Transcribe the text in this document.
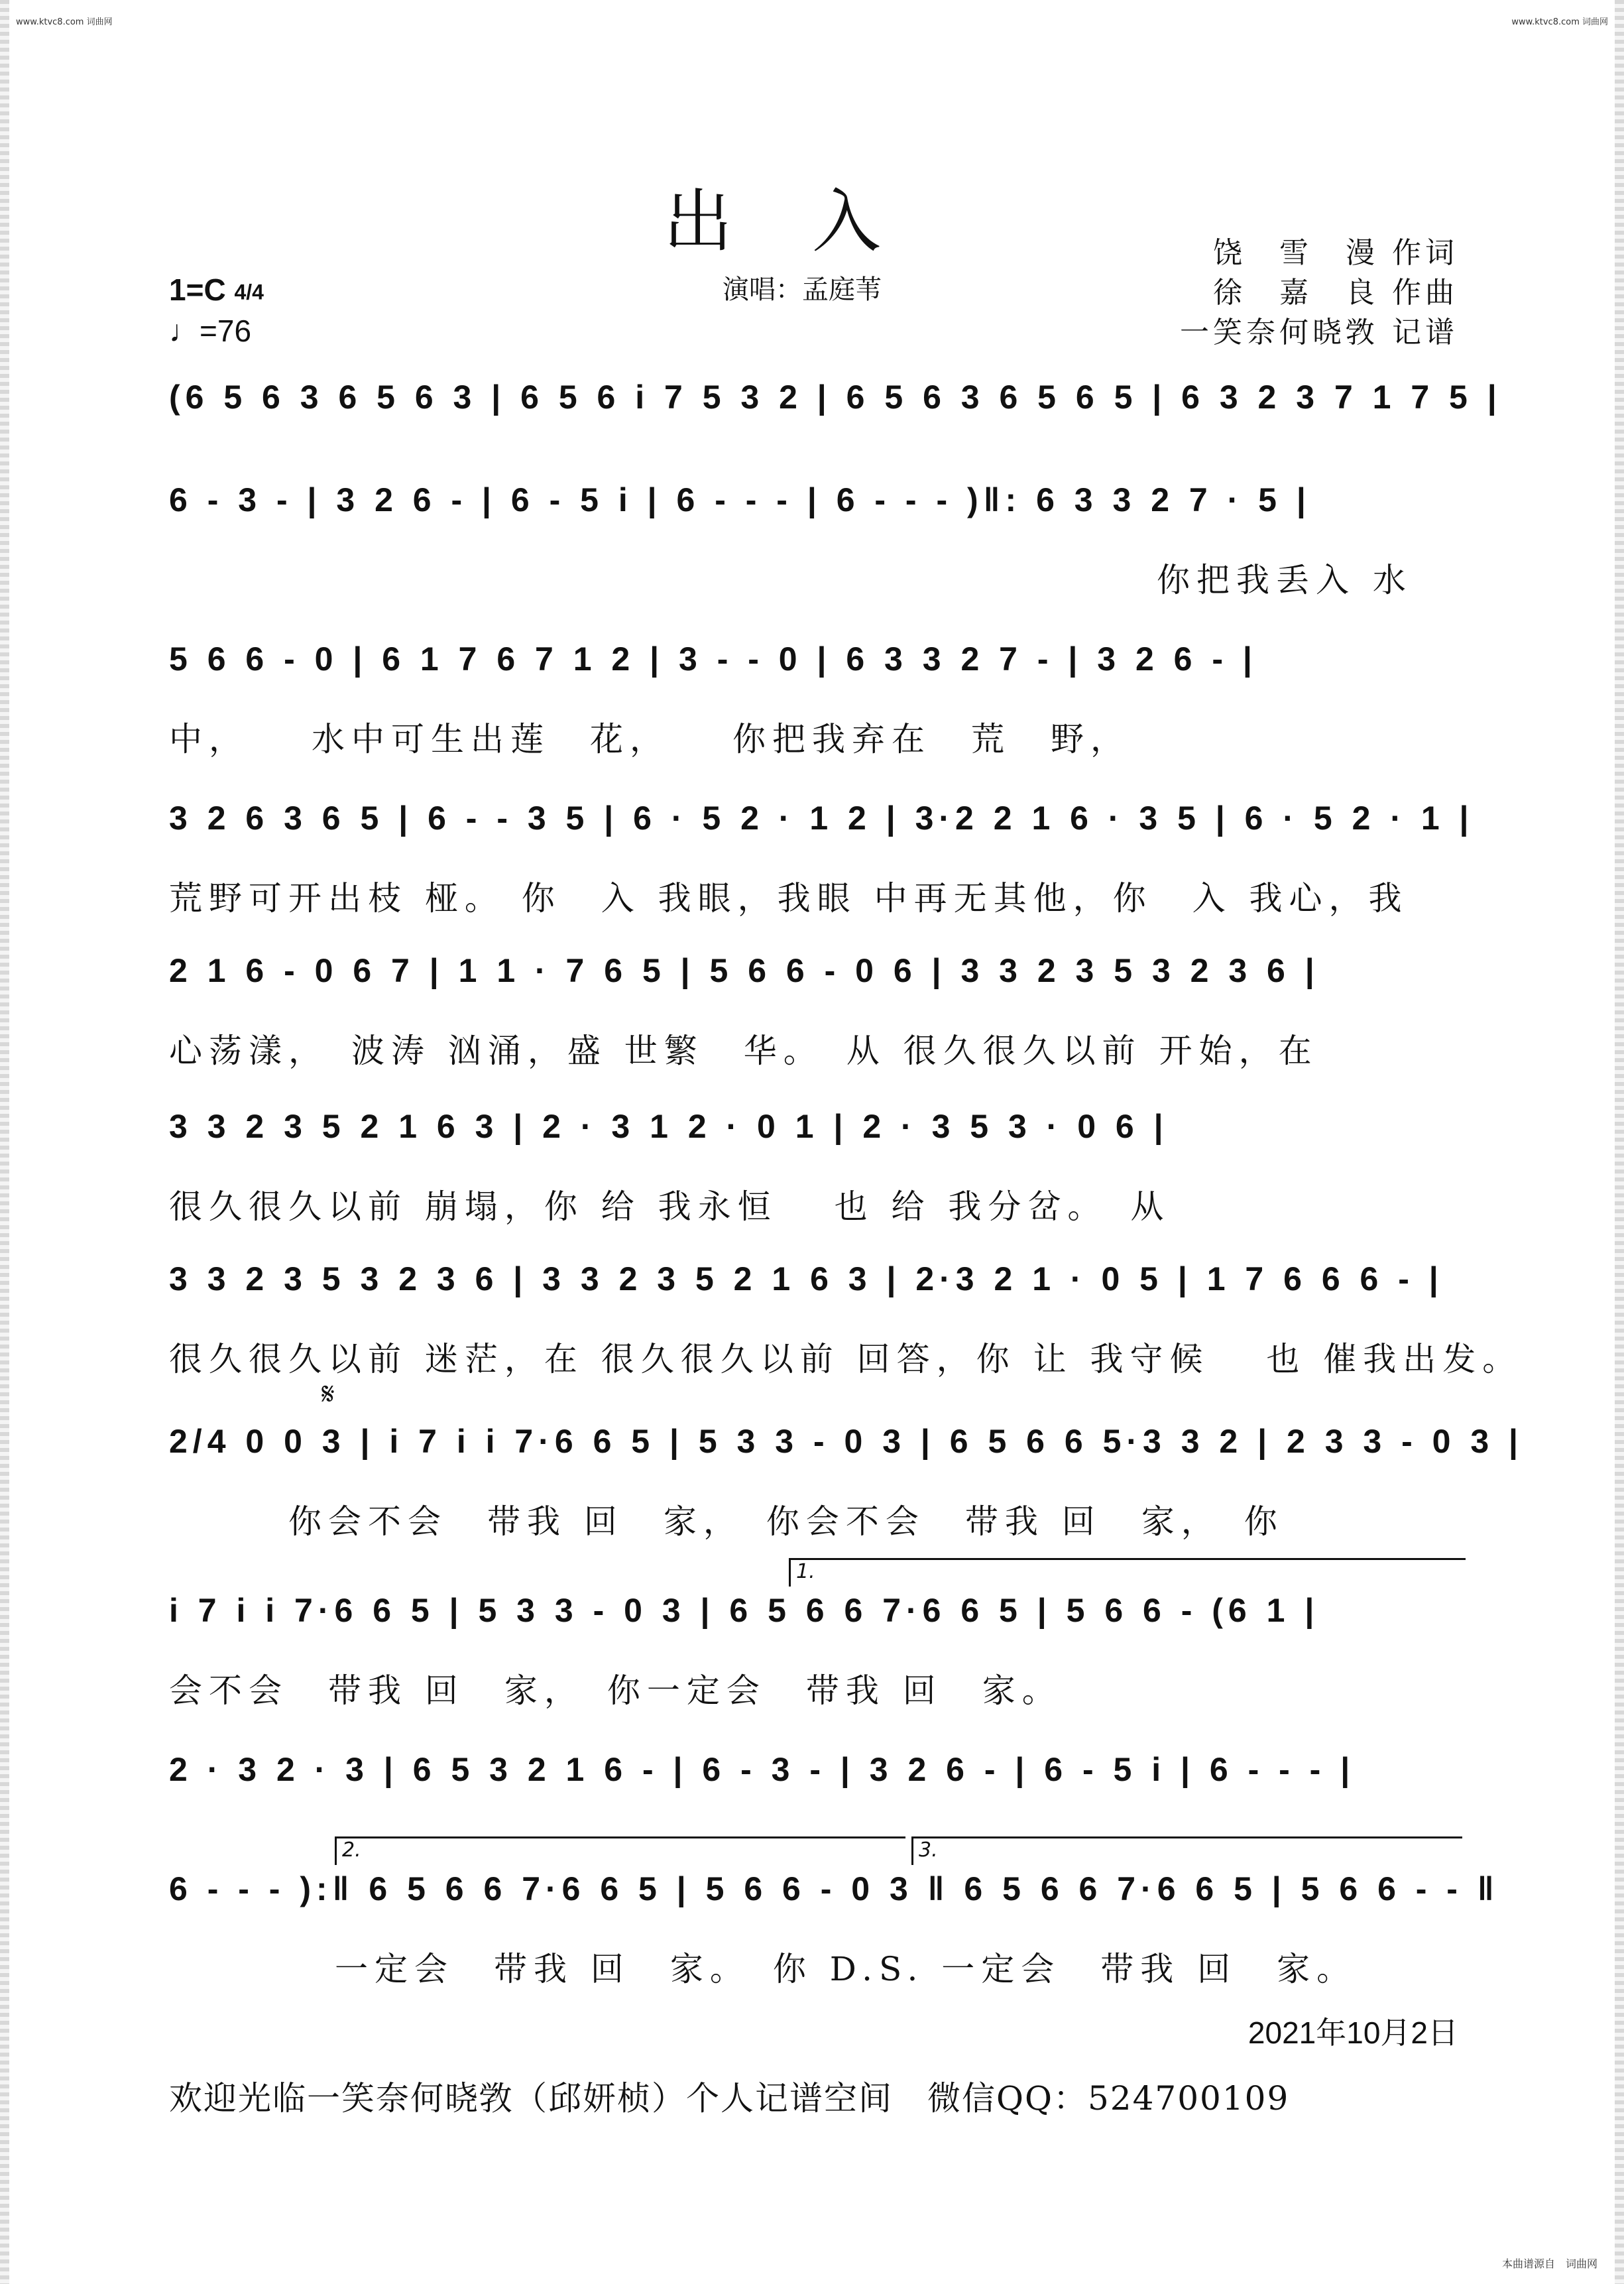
www.ktvc8.com 词曲网	www.ktvc8.com 词曲网
本曲谱源自　词曲网
出入	饶　雪　漫 作词
徐　嘉　良 作曲
一笑奈何晓敩 记谱
1=C 4/4
♩=76
演唱：孟庭苇
(6 5 6 3 6 5 6 3 | 6 5 6 i 7 5 3 2 | 6 5 6 3 6 5 6 5 | 6 3 2 3 7 1 7 5 |
6 - 3 - | 3 2 6 - | 6 - 5 i | 6 - - - | 6 - - - )‖: 6 3 3 2 7 · 5 |
你把我丢入 水
5 6 6 - 0 | 6 1 7 6 7 1 2 | 3 - - 0 | 6 3 3 2 7 - | 3 2 6 - |
中，　　水中可生出莲　花，　　你把我弃在　荒　野，
3 2 6 3 6 5 | 6 - - 3 5 | 6 · 5 2 · 1 2 | 3·2 2 1 6 · 3 5 | 6 · 5 2 · 1 |
荒野可开出枝 桠。 你　入 我眼，我眼 中再无其他，你　入 我心，我
2 1 6 - 0 6 7 | 1 1 · 7 6 5 | 5 6 6 - 0 6 | 3 3 2 3 5 3 2 3 6 |
心荡漾，　波涛 汹涌，盛 世繁　华。　从 很久很久以前 开始，在
3 3 2 3 5 2 1 6 3 | 2 · 3 1 2 · 0 1 | 2 · 3 5 3 · 0 6 |
很久很久以前 崩塌，你 给 我永恒　 也 给 我分岔。　从
3 3 2 3 5 3 2 3 6 | 3 3 2 3 5 2 1 6 3 | 2·3 2 1 · 0 5 | 1 7 6 6 6 - |
很久很久以前 迷茫，在 很久很久以前 回答，你 让 我守候　 也 催我出发。
𝄋
2/4 0 0 3 | i 7 i i 7·6 6 5 | 5 3 3 - 0 3 | 6 5 6 6 5·3 3 2 | 2 3 3 - 0 3 |
你会不会　带我 回　家，　你会不会　带我 回　家，　你
1.
i 7 i i 7·6 6 5 | 5 3 3 - 0 3 | 6 5 6 6 7·6 6 5 | 5 6 6 - (6 1 |
会不会　带我 回　家，　你一定会　带我 回　家。
2 · 3 2 · 3 | 6 5 3 2 1 6 - | 6 - 3 - | 3 2 6 - | 6 - 5 i | 6 - - - |
2.	3.
6 - - - ):‖ 6 5 6 6 7·6 6 5 | 5 6 6 - 0 3 ‖ 6 5 6 6 7·6 6 5 | 5 6 6 - - ‖
一定会　带我 回　家。　你 D.S. 一定会　带我 回　家。
2021年10月2日
欢迎光临一笑奈何晓敩（邱妍桢）个人记谱空间　微信QQ：524700109
